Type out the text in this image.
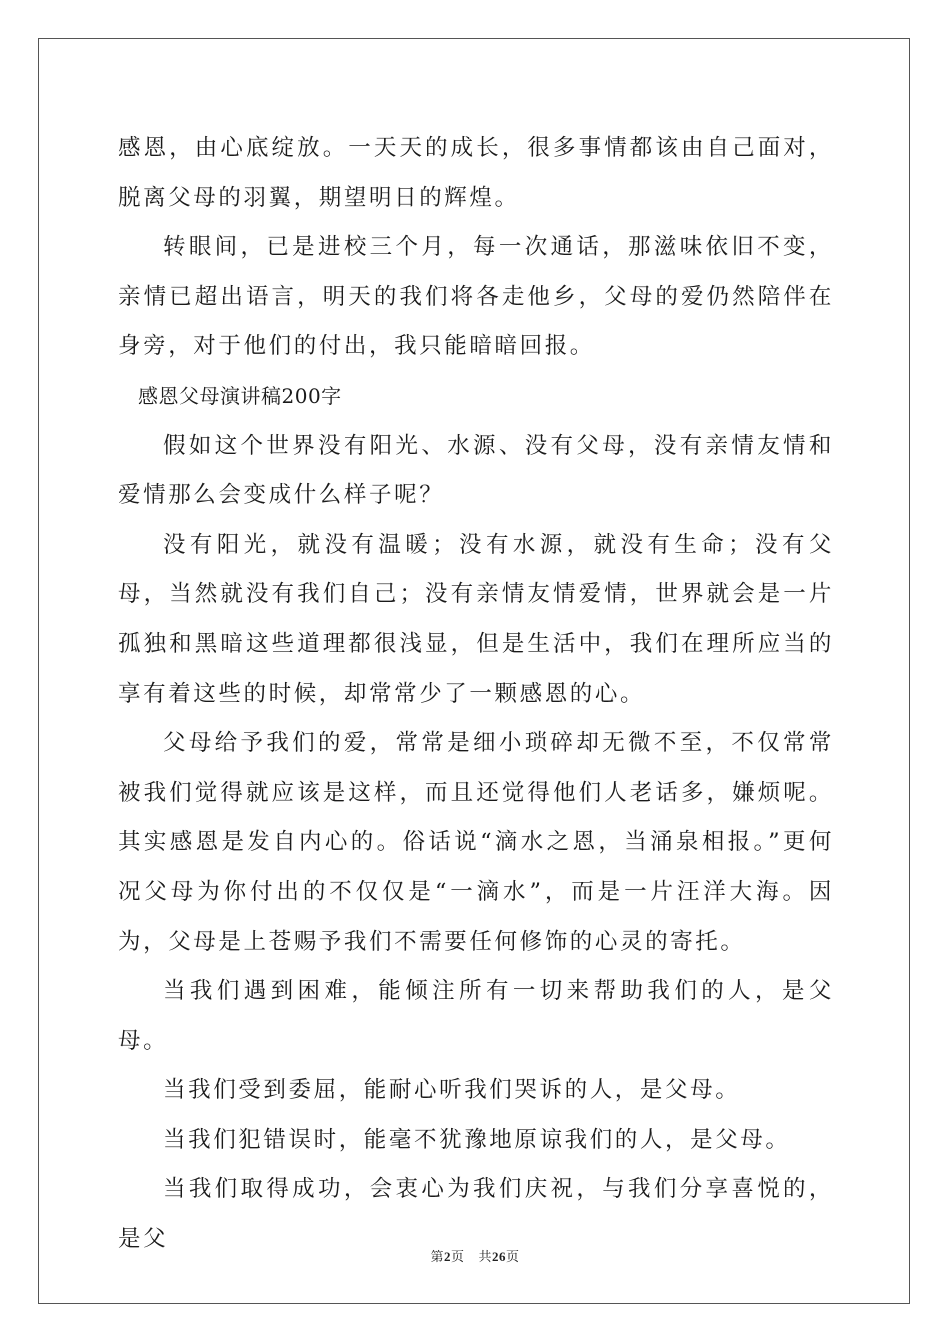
感恩，由心底绽放。一天天的成长，很多事情都该由自己面对，脱离父母的羽翼，期望明日的辉煌。

转眼间，已是进校三个月，每一次通话，那滋味依旧不变，亲情已超出语言，明天的我们将各走他乡，父母的爱仍然陪伴在身旁，对于他们的付出，我只能暗暗回报。

感恩父母演讲稿200字

假如这个世界没有阳光、水源、没有父母，没有亲情友情和爱情那么会变成什么样子呢？

没有阳光，就没有温暖；没有水源，就没有生命；没有父母，当然就没有我们自己；没有亲情友情爱情，世界就会是一片孤独和黑暗这些道理都很浅显，但是生活中，我们在理所应当的享有着这些的时候，却常常少了一颗感恩的心。

父母给予我们的爱，常常是细小琐碎却无微不至，不仅常常被我们觉得就应该是这样，而且还觉得他们人老话多，嫌烦呢。其实感恩是发自内心的。俗话说“滴水之恩，当涌泉相报。”更何况父母为你付出的不仅仅是“一滴水”，而是一片汪洋大海。因为，父母是上苍赐予我们不需要任何修饰的心灵的寄托。

当我们遇到困难，能倾注所有一切来帮助我们的人，是父母。

当我们受到委屈，能耐心听我们哭诉的人，是父母。

当我们犯错误时，能毫不犹豫地原谅我们的人，是父母。

当我们取得成功，会衷心为我们庆祝，与我们分享喜悦的，是父

第2页 共26页
